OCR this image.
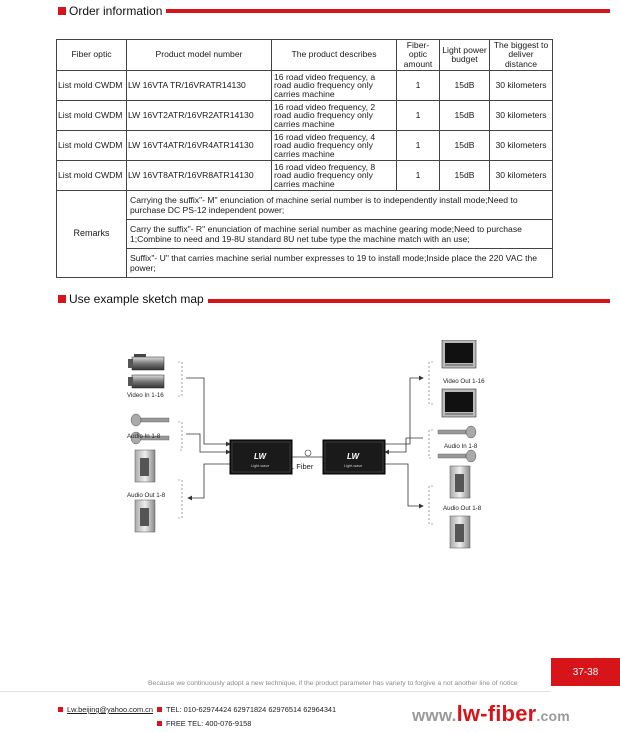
Order information
Fiber optic	Product model number	The product describes	Fiber-optic amount	Light power budget	The biggest to deliver distance
List mold CWDM	LW 16VTA TR/16VRATR14130	16 road video frequency, a road audio frequency only carries machine	1	15dB	30 kilometers
List mold CWDM	LW 16VT2ATR/16VR2ATR14130	16 road video frequency, 2 road audio frequency only carries machine	1	15dB	30 kilometers
List mold CWDM	LW 16VT4ATR/16VR4ATR14130	16 road video frequency, 4 road audio frequency only carries machine	1	15dB	30 kilometers
List mold CWDM	LW 16VT8ATR/16VR8ATR14130	16 road video frequency, 8 road audio frequency only carries machine	1	15dB	30 kilometers
Remarks	Carrying the suffix"- M" enunciation of machine serial number is to independently install mode;Need to purchase DC PS-12 independent power;				
	Carry the suffix"- R" enunciation of machine serial number as machine gearing mode;Need to purchase 1;Combine to need and 19-8U standard 8U net tube type the machine match with an use;				
	Suffix"- U" that carries machine serial number expresses to 19 to install mode;Inside place the 220 VAC the power;				
Use example sketch map
Video In 1-16
Audio In 1-8
Audio Out 1-8
LW
Light-wave
LW
Light-wave
1 Fiber
Video Out 1-16
Audio In 1-8
Audio Out 1-8
37-38
Because we continuously adopt a new technique, if the product parameter has variety to forgive a not another line of notice
Lw.beijing@yahoo.com.cn TEL: 010-62974424 62971824 62976514 62964341
FREE TEL: 400-076-9158	www.lw-fiber.com
